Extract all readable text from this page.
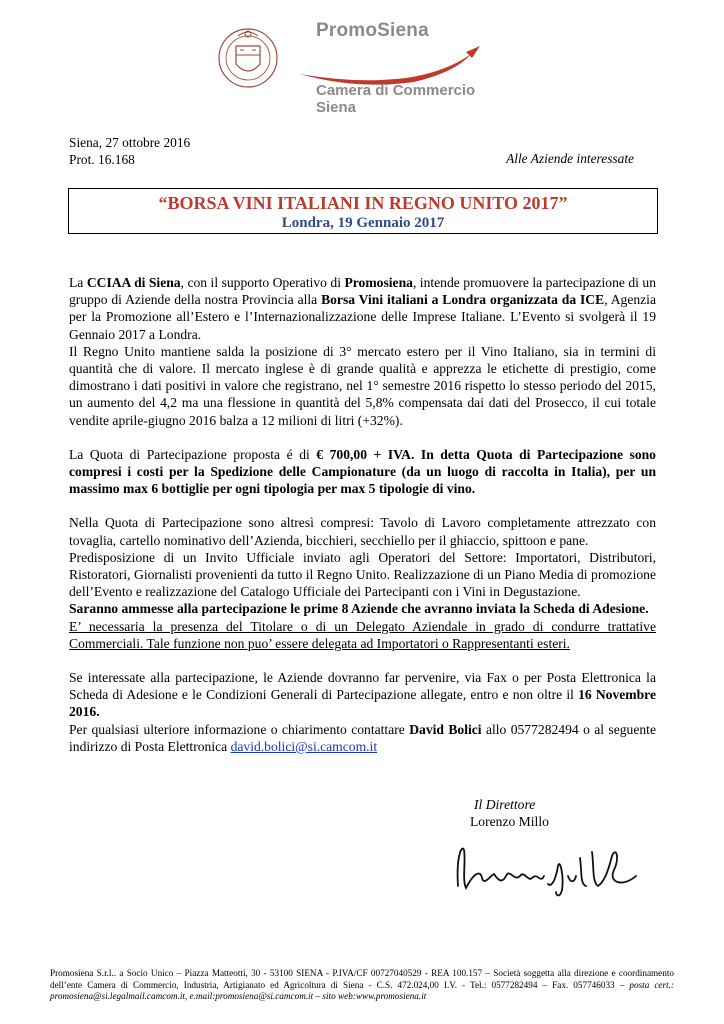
PromoSiena
Camera di Commercio
Siena
Siena, 27 ottobre 2016
Prot. 16.168	Alle Aziende interessate
“BORSA VINI ITALIANI IN REGNO UNITO 2017”
Londra, 19 Gennaio 2017

La CCIAA di Siena, con il supporto Operativo di Promosiena, intende promuovere la partecipazione di un gruppo di Aziende della nostra Provincia alla Borsa Vini italiani a Londra organizzata da ICE, Agenzia per la Promozione all’Estero e l’Internazionalizzazione delle Imprese Italiane. L’Evento si svolgerà il 19 Gennaio 2017 a Londra.

Il Regno Unito mantiene salda la posizione di 3° mercato estero per il Vino Italiano, sia in termini di quantità che di valore. Il mercato inglese è di grande qualità e apprezza le etichette di prestigio, come dimostrano i dati positivi in valore che registrano, nel 1° semestre 2016 rispetto lo stesso periodo del 2015, un aumento del 4,2 ma una flessione in quantità del 5,8% compensata dai dati del Prosecco, il cui totale vendite aprile-giugno 2016 balza a 12 milioni di litri (+32%).

La Quota di Partecipazione proposta é di € 700,00 + IVA. In detta Quota di Partecipazione sono compresi i costi per la Spedizione delle Campionature (da un luogo di raccolta in Italia), per un massimo max 6 bottiglie per ogni tipologia per max 5 tipologie di vino.

Nella Quota di Partecipazione sono altresì compresi: Tavolo di Lavoro completamente attrezzato con tovaglia, cartello nominativo dell’Azienda, bicchieri, secchiello per il ghiaccio, spittoon e pane.

Predisposizione di un Invito Ufficiale inviato agli Operatori del Settore: Importatori, Distributori, Ristoratori, Giornalisti provenienti da tutto il Regno Unito. Realizzazione di un Piano Media di promozione dell’Evento e realizzazione del Catalogo Ufficiale dei Partecipanti con i Vini in Degustazione.

Saranno ammesse alla partecipazione le prime 8 Aziende che avranno inviata la Scheda di Adesione.

E’ necessaria la presenza del Titolare o di un Delegato Aziendale in grado di condurre trattative Commerciali. Tale funzione non puo’ essere delegata ad Importatori o Rappresentanti esteri.

Se interessate alla partecipazione, le Aziende dovranno far pervenire, via Fax o per Posta Elettronica la Scheda di Adesione e le Condizioni Generali di Partecipazione allegate, entro e non oltre il 16 Novembre 2016.

Per qualsiasi ulteriore informazione o chiarimento contattare David Bolici allo 0577282494 o al seguente indirizzo di Posta Elettronica david.bolici@si.camcom.it

Il Direttore
Lorenzo Millo
Promosiena S.r.l.. a Socio Unico – Piazza Matteotti, 30 - 53100 SIENA - P.IVA/CF 00727040529 - REA 100.157 – Società soggetta alla direzione e coordinamento dell’ente Camera di Commercio, Industria, Artigianato ed Agricoltura di Siena - C.S. 472.024,00 I.V. - Tel.: 0577282494 – Fax. 057746033 – posta cert.: promosiena@si.legalmail.camcom.it, e.mail:promosiena@si.camcom.it – sito web:www.promosiena.it
